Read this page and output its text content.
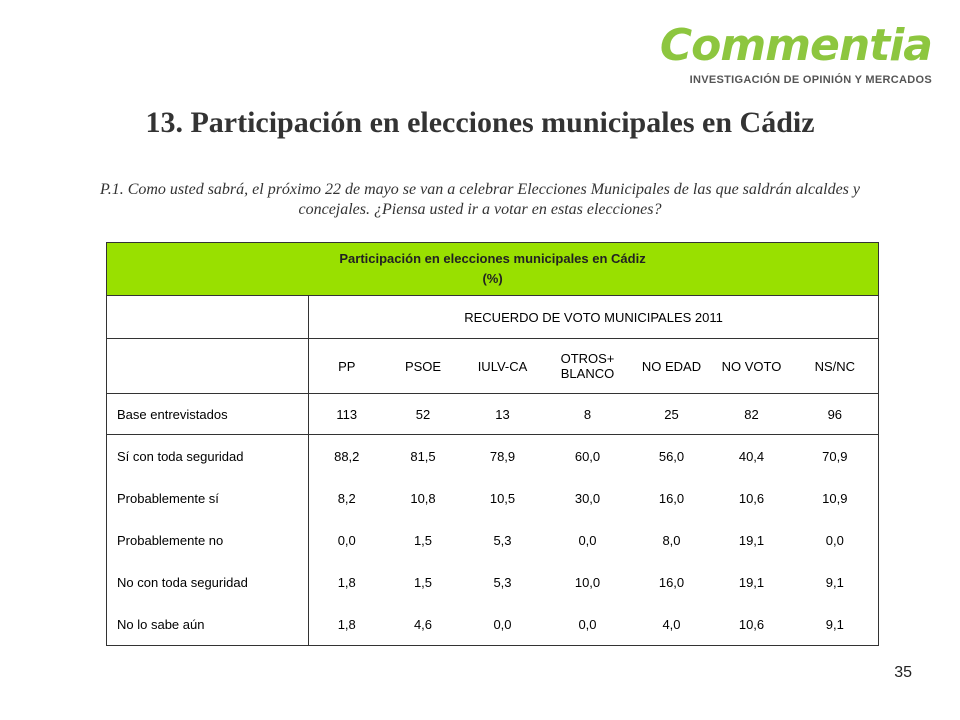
Commentia
INVESTIGACIÓN DE OPINIÓN Y MERCADOS
13. Participación en elecciones municipales en Cádiz
P.1. Como usted sabrá, el próximo 22 de mayo se van a celebrar Elecciones Municipales de las que saldrán alcaldes y concejales. ¿Piensa usted ir a votar en estas elecciones?
Participación en elecciones municipales en Cádiz
(%)							

	RECUERDO DE VOTO MUNICIPALES 2011						
	PP	PSOE	IULV-CA	OTROS+ BLANCO	NO EDAD	NO VOTO	NS/NC
Base entrevistados	113	52	13	8	25	82	96
Sí con toda seguridad	88,2	81,5	78,9	60,0	56,0	40,4	70,9
Probablemente sí	8,2	10,8	10,5	30,0	16,0	10,6	10,9
Probablemente no	0,0	1,5	5,3	0,0	8,0	19,1	0,0
No con toda seguridad	1,8	1,5	5,3	10,0	16,0	19,1	9,1
No lo sabe aún	1,8	4,6	0,0	0,0	4,0	10,6	9,1
35
